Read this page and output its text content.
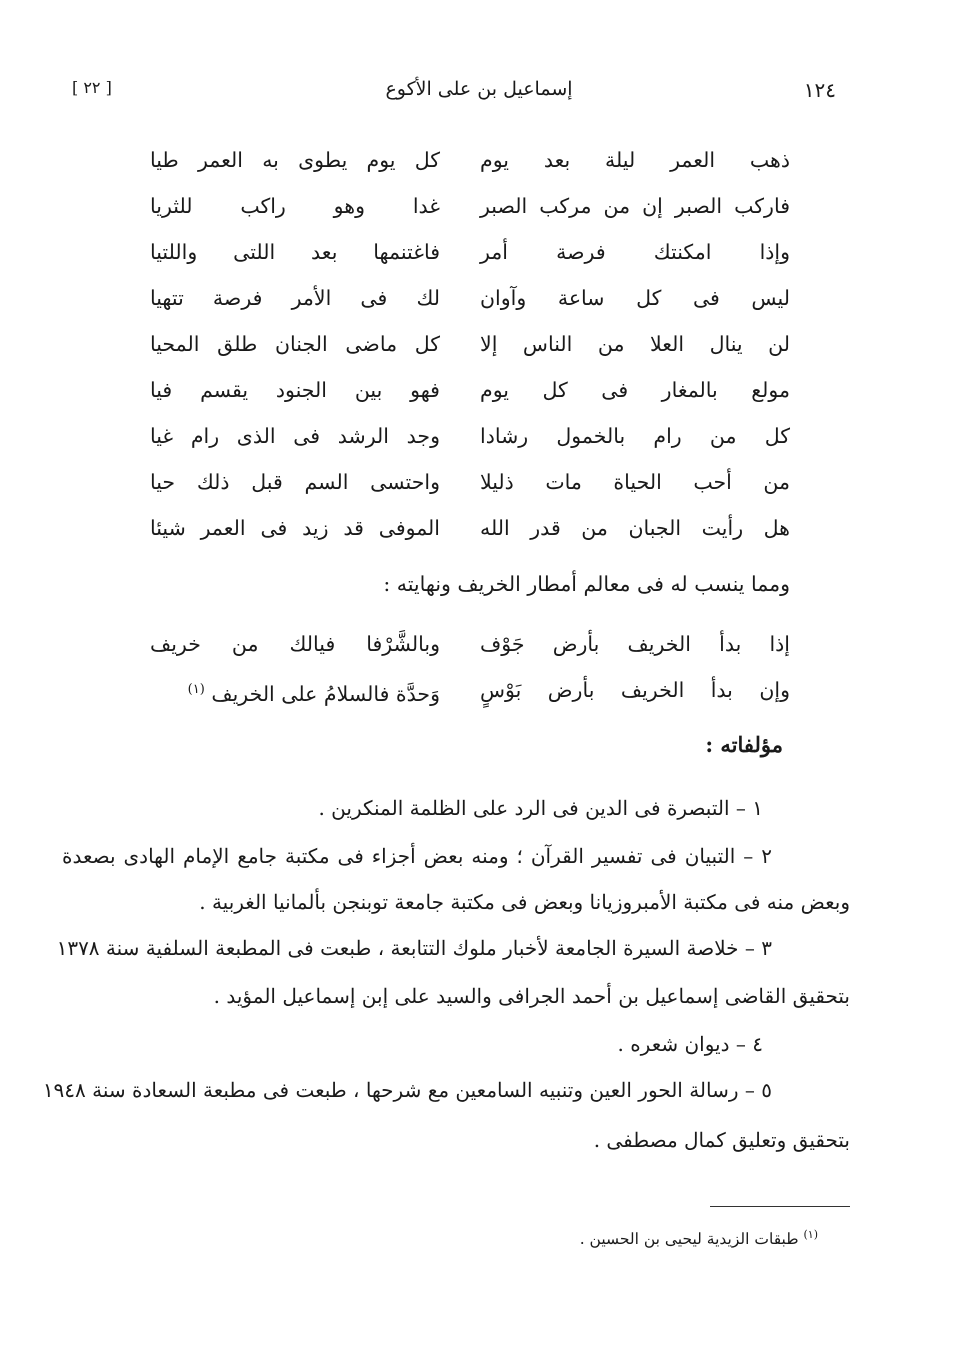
[ ٢٢ ]	إسماعيل بن على الأكوع	١٢٤
ذهب العمر ليلة بعد يوم
كل يوم يطوى به العمر طيا
فاركب الصبر إن من مركب الصبر
غدا وهو راكب للثريا
وإذا امكنتك فرصة أمر
فاغتنمها بعد اللتى واللتيا
ليس فى كل ساعة وآوان
لك فى الأمر فرصة تتهيا
لن ينال العلا من الناس إلا
كل ماضى الجنان طلق المحيا
مولع بالمغار فى كل يوم
فهو بين الجنود يقسم فيا
كل من رام بالخمول رشادا
وجد الرشد فى الذى رام غيا
من أحب الحياة مات ذليلا
واحتسى السم قبل ذلك حيا
هل رأيت الجبان من قدر الله
الموفى قد زيد فى العمر شيئا
ومما ينسب له فى معالم أمطار الخريف ونهايته :
إذا بدأ الخريف بأرض جَوْف
وبالشَّرْفا فيالك من خريف
وإن بدأ الخريف بأرض بَوْسٍ
وَحدَّة فالسلامُ على الخريف $^{(١)}$
مؤلفاته :
١ – التبصرة فى الدين فى الرد على الظلمة المنكرين .
٢ – التبيان فى تفسير القرآن ؛ ومنه بعض أجزاء فى مكتبة جامع الإمام الهادى بصعدة
وبعض منه فى مكتبة الأمبروزيانا وبعض فى مكتبة جامعة توبنجن بألمانيا الغربية .
٣ – خلاصة السيرة الجامعة لأخبار ملوك التتابعة ، طبعت فى المطبعة السلفية سنة ١٣٧٨
بتحقيق القاضى إسماعيل بن أحمد الجرافى والسيد على إبن إسماعيل المؤيد .
٤ – ديوان شعره .
٥ – رسالة الحور العين وتنبيه السامعين مع شرحها ، طبعت فى مطبعة السعادة سنة ١٩٤٨
بتحقيق وتعليق كمال مصطفى .
$^{(١)}$ طبقات الزيدية ليحيى بن الحسين .
